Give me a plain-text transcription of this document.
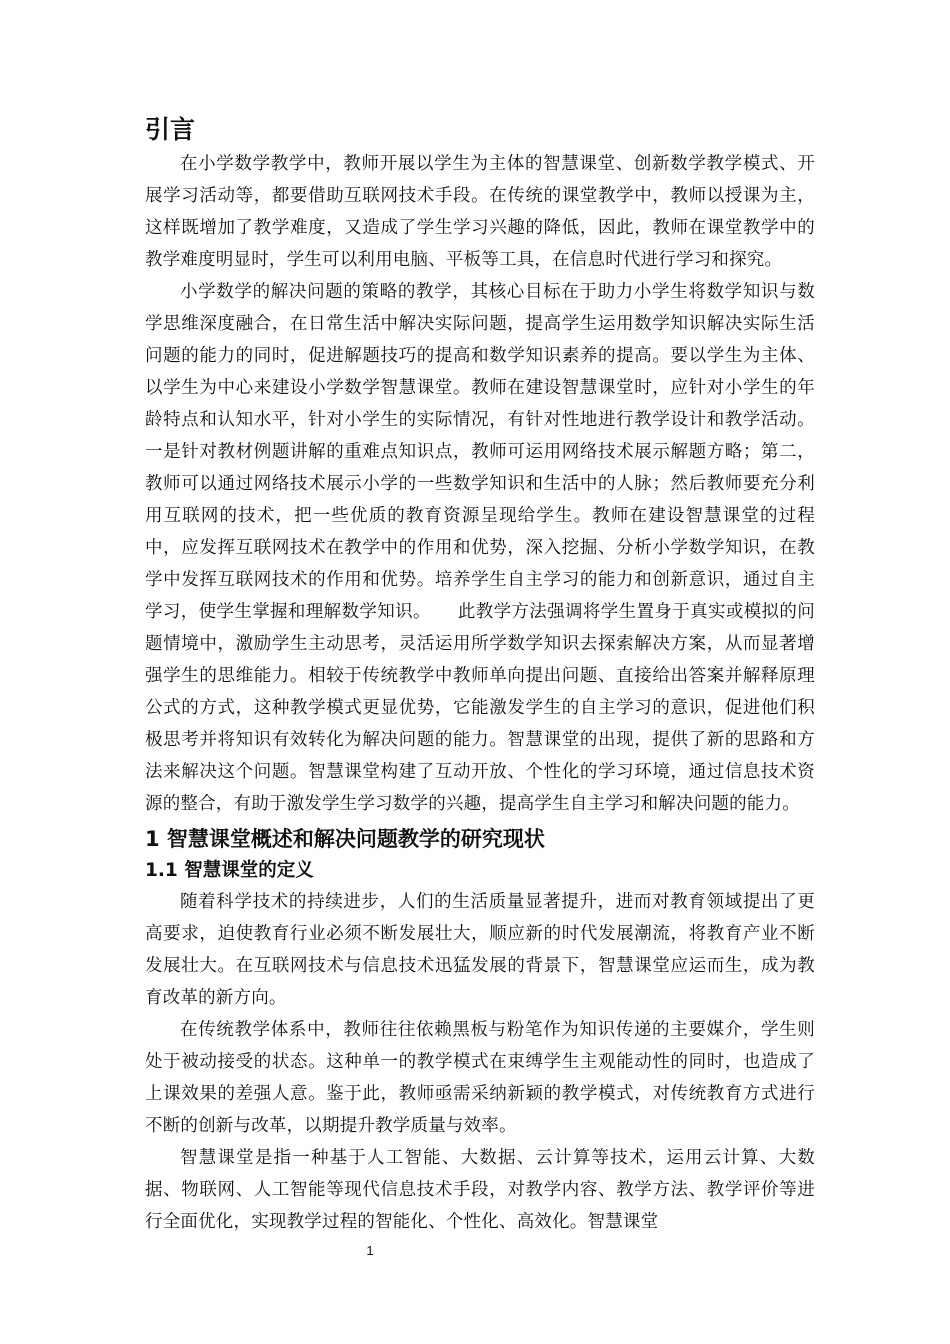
引言

在小学数学教学中，教师开展以学生为主体的智慧课堂、创新数学教学模式、开展学习活动等，都要借助互联网技术手段。在传统的课堂教学中，教师以授课为主，这样既增加了教学难度，又造成了学生学习兴趣的降低，因此，教师在课堂教学中的教学难度明显时，学生可以利用电脑、平板等工具，在信息时代进行学习和探究。

小学数学的解决问题的策略的教学，其核心目标在于助力小学生将数学知识与数学思维深度融合，在日常生活中解决实际问题，提高学生运用数学知识解决实际生活问题的能力的同时，促进解题技巧的提高和数学知识素养的提高。要以学生为主体、以学生为中心来建设小学数学智慧课堂。教师在建设智慧课堂时，应针对小学生的年龄特点和认知水平，针对小学生的实际情况，有针对性地进行教学设计和教学活动。一是针对教材例题讲解的重难点知识点，教师可运用网络技术展示解题方略；第二，教师可以通过网络技术展示小学的一些数学知识和生活中的人脉；然后教师要充分利用互联网的技术，把一些优质的教育资源呈现给学生。教师在建设智慧课堂的过程中，应发挥互联网技术在教学中的作用和优势，深入挖掘、分析小学数学知识，在教学中发挥互联网技术的作用和优势。培养学生自主学习的能力和创新意识，通过自主学习，使学生掌握和理解数学知识。　　此教学方法强调将学生置身于真实或模拟的问题情境中，激励学生主动思考，灵活运用所学数学知识去探索解决方案，从而显著增强学生的思维能力。相较于传统教学中教师单向提出问题、直接给出答案并解释原理公式的方式，这种教学模式更显优势，它能激发学生的自主学习的意识，促进他们积极思考并将知识有效转化为解决问题的能力。智慧课堂的出现，提供了新的思路和方法来解决这个问题。智慧课堂构建了互动开放、个性化的学习环境，通过信息技术资源的整合，有助于激发学生学习数学的兴趣，提高学生自主学习和解决问题的能力。

1 智慧课堂概述和解决问题教学的研究现状
1.1 智慧课堂的定义

随着科学技术的持续进步，人们的生活质量显著提升，进而对教育领域提出了更高要求，迫使教育行业必须不断发展壮大，顺应新的时代发展潮流，将教育产业不断发展壮大。在互联网技术与信息技术迅猛发展的背景下，智慧课堂应运而生，成为教育改革的新方向。

在传统教学体系中，教师往往依赖黑板与粉笔作为知识传递的主要媒介，学生则处于被动接受的状态。这种单一的教学模式在束缚学生主观能动性的同时，也造成了上课效果的差强人意。鉴于此，教师亟需采纳新颖的教学模式，对传统教育方式进行不断的创新与改革，以期提升教学质量与效率。

智慧课堂是指一种基于人工智能、大数据、云计算等技术，运用云计算、大数据、物联网、人工智能等现代信息技术手段，对教学内容、教学方法、教学评价等进行全面优化，实现教学过程的智能化、个性化、高效化。智慧课堂

1
